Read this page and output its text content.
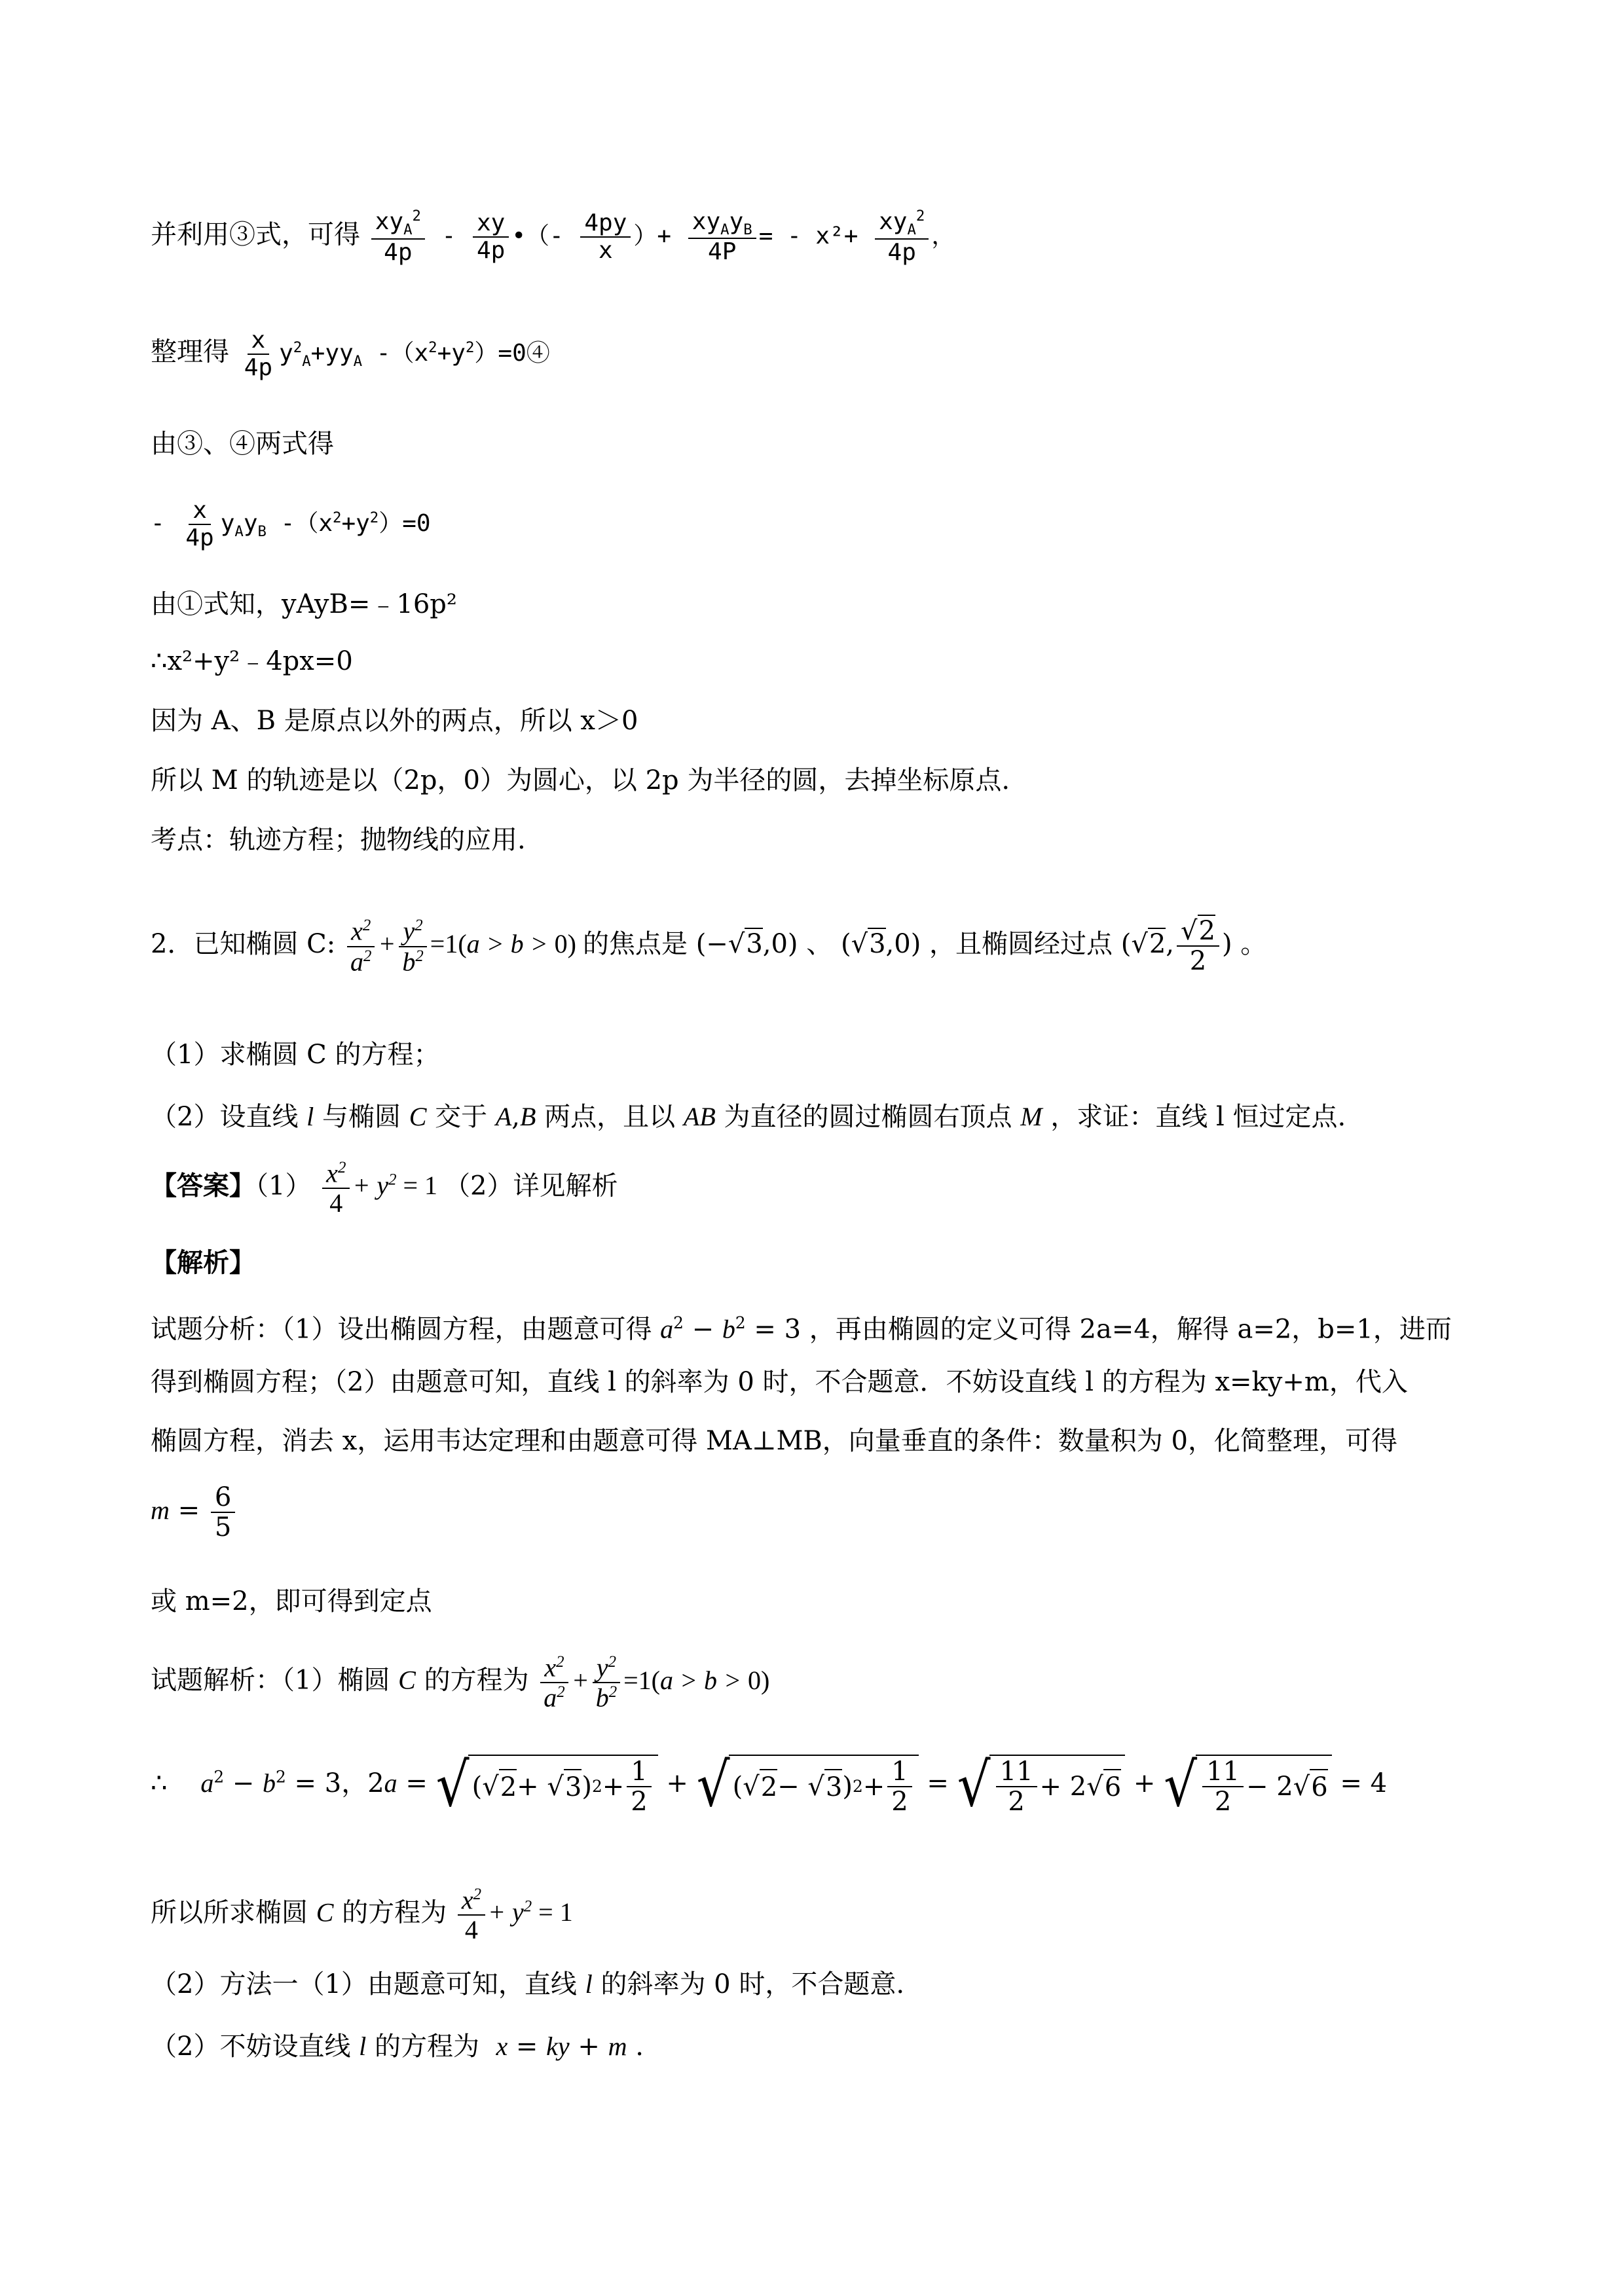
并利用③式，可得 $\frac{xy_A^2}{4p} - \frac{xy}{4p}$ •（- $\frac{4py}{x}$ ）+ $\frac{xy_Ay_B}{4P}$ = - $x^2+ \frac{xy_A^2}{4p}$ ，
整理得 $\frac{x}{4p} y^2_A+yy_A$ $-(x^2+y^2)=0④$
由③、④两式得
- $\frac{x}{4p} y_Ay_B$ $-(x^2+y^2)=0$
由①式知，yAyB=﹣16p²
∴x²+y²﹣4px=0
因为 A、B 是原点以外的两点，所以 x＞0
所以 M 的轨迹是以（2p，0）为圆心，以 2p 为半径的圆，去掉坐标原点.
考点：轨迹方程；抛物线的应用.
2．已知椭圆 C: $\frac{x^2}{a^2} + \frac{y^2}{b^2} =1(a > b > 0)$ 的焦点是 (−√3,0) 、 (√3,0) ，且椭圆经过点 (√2, $\frac{√2}{2}$ ) 。
（1）求椭圆 C 的方程；
（2）设直线 l 与椭圆 C 交于 A,B 两点，且以 AB 为直径的圆过椭圆右顶点 M ，求证：直线 l 恒过定点.
【答案】$(1) \frac{x^2}{4} + y^2 = 1$ （2）详见解析
【解析】
试题分析：（1）设出椭圆方程，由题意可得 $a^2 - b^2 = 3$ ，再由椭圆的定义可得 2a=4，解得 a=2，b=1，进而
得到椭圆方程；（2）由题意可知，直线 l 的斜率为 0 时，不合题意．不妨设直线 l 的方程为 x=ky+m，代入
椭圆方程，消去 x，运用韦达定理和由题意可得 MA⊥MB，向量垂直的条件：数量积为 0，化简整理，可得
$m = \frac{6}{5}$
或 m=2，即可得到定点
试题解析：（1）椭圆 C 的方程为 $\frac{x^2}{a^2} + \frac{y^2}{b^2} =1(a > b > 0)$
∴ $a^2 - b^2 = 3$，2a = √ (√ 2 + √ 3 ) $2 + \frac{1}{2}$ + √ (√ 2 − √ 3 ) $2 + \frac{1}{2}$ = √ $\frac{11}{2} + 2√$ 6 + √ $\frac{11}{2} - 2√$ 6 = 4
所以所求椭圆 C 的方程为 $\frac{x^2}{4} + y^2 = 1$
（2）方法一（1）由题意可知，直线 l 的斜率为 0 时，不合题意.
（2）不妨设直线 l 的方程为 x = ky + m .
